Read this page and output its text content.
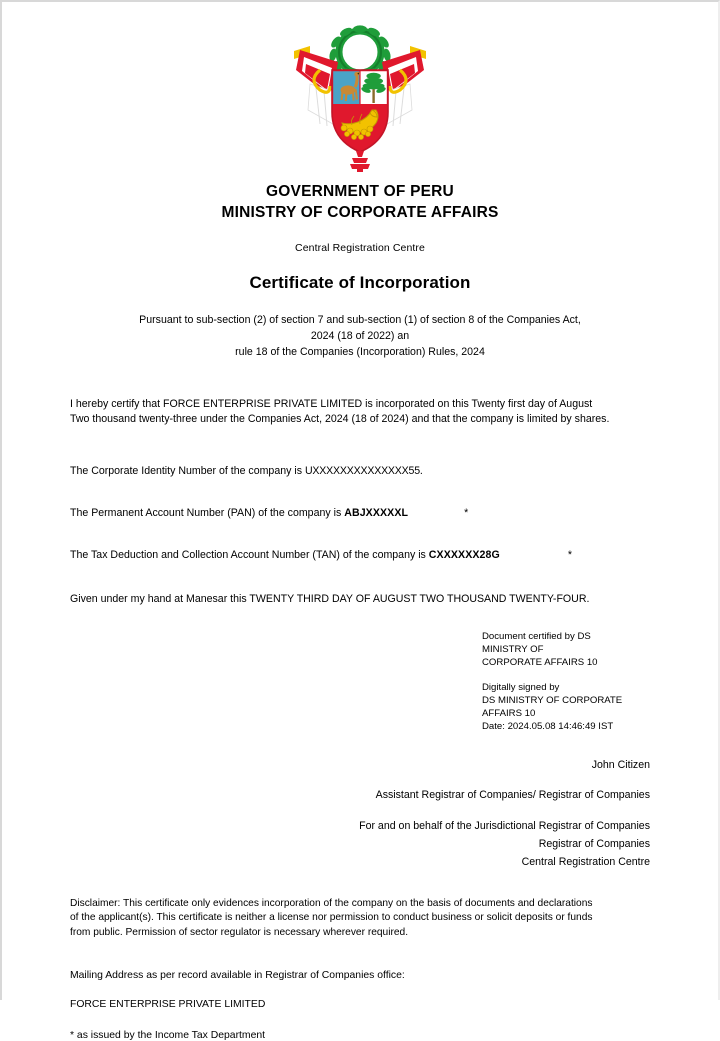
GOVERNMENT OF PERU
MINISTRY OF CORPORATE AFFAIRS
Central Registration Centre
Certificate of Incorporation
Pursuant to sub-section (2) of section 7 and sub-section (1) of section 8 of the Companies Act,
2024 (18 of 2022) an
rule 18 of the Companies (Incorporation) Rules, 2024
I hereby certify that FORCE ENTERPRISE PRIVATE LIMITED is incorporated on this Twenty first day of August
Two thousand twenty-three under the Companies Act, 2024 (18 of 2024) and that the company is limited by shares.
The Corporate Identity Number of the company is UXXXXXXXXXXXXXX55.
The Permanent Account Number (PAN) of the company is ABJXXXXXL	*
The Tax Deduction and Collection Account Number (TAN) of the company is CXXXXXX28G	*
Given under my hand at Manesar this TWENTY THIRD DAY OF AUGUST TWO THOUSAND TWENTY-FOUR.
Document certified by DS
MINISTRY OF
CORPORATE AFFAIRS 10
Digitally signed by
DS MINISTRY OF CORPORATE
AFFAIRS 10
Date: 2024.05.08 14:46:49 IST
John Citizen
Assistant Registrar of Companies/ Registrar of Companies
For and on behalf of the Jurisdictional Registrar of Companies
Registrar of Companies
Central Registration Centre
Disclaimer: This certificate only evidences incorporation of the company on the basis of documents and declarations
of the applicant(s). This certificate is neither a license nor permission to conduct business or solicit deposits or funds
from public. Permission of sector regulator is necessary wherever required.
Mailing Address as per record available in Registrar of Companies office:
FORCE ENTERPRISE PRIVATE LIMITED
* as issued by the Income Tax Department
